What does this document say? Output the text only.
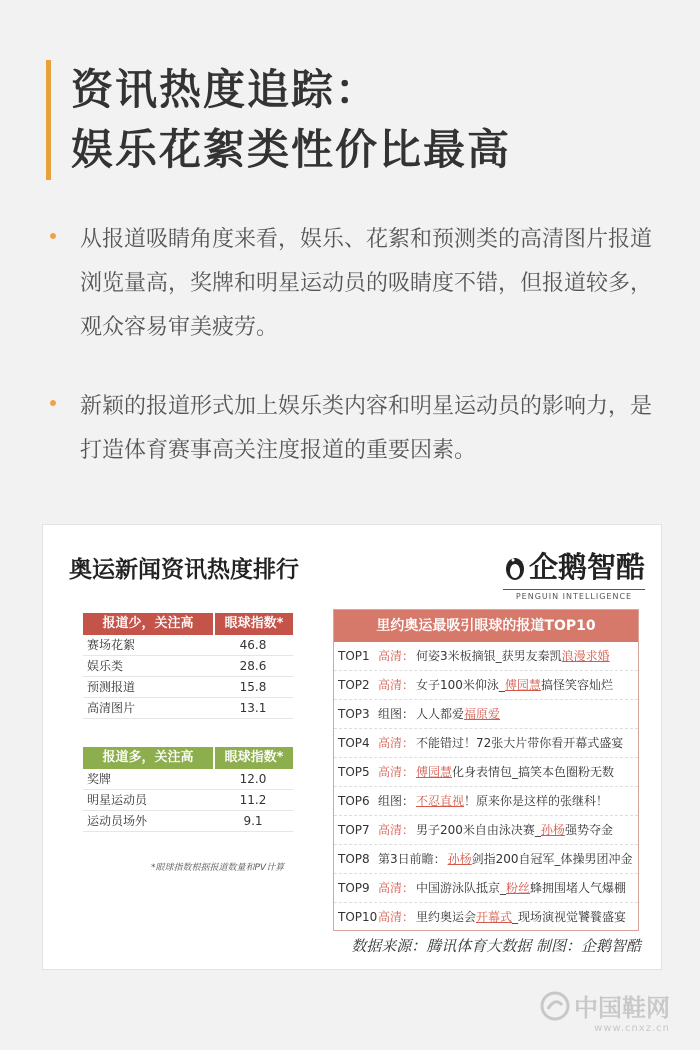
资讯热度追踪：
娱乐花絮类性价比最高

从报道吸睛角度来看，娱乐、花絮和预测类的高清图片报道浏览量高，奖牌和明星运动员的吸睛度不错，但报道较多，观众容易审美疲劳。

新颖的报道形式加上娱乐类内容和明星运动员的影响力，是打造体育赛事高关注度报道的重要因素。

奥运新闻资讯热度排行	企鹅智酷
PENGUIN INTELLIGENCE
报道少，关注高	眼球指数*
赛场花絮	46.8
娱乐类	28.6
预测报道	15.8
高清图片	13.1
报道多，关注高	眼球指数*
奖牌	12.0
明星运动员	11.2
运动员场外	9.1
*眼球指数根据报道数量和PV计算
里约奥运最吸引眼球的报道TOP10
TOP1 高清： 何姿3米板摘银_获男友秦凯 浪漫求婚
TOP2 高清： 女子100米仰泳_ 傅园慧 搞怪笑容灿烂
TOP3 组图： 人人都爱 福原爱
TOP4 高清： 不能错过！72张大片带你看开幕式盛宴
TOP5 高清： 傅园慧 化身表情包_搞笑本色圈粉无数
TOP6 组图： 不忍直视 ！原来你是这样的张继科！
TOP7 高清： 男子200米自由泳决赛_ 孙杨 强势夺金
TOP8 第3日前瞻： 孙杨 剑指200自冠军_体操男团冲金
TOP9 高清： 中国游泳队抵京_ 粉丝 蜂拥围堵人气爆棚
TOP10 高清： 里约奥运会 开幕式 _现场演视觉饕餮盛宴
数据来源：腾讯体育大数据 制图：企鹅智酷
中国鞋网
www.cnxz.cn
